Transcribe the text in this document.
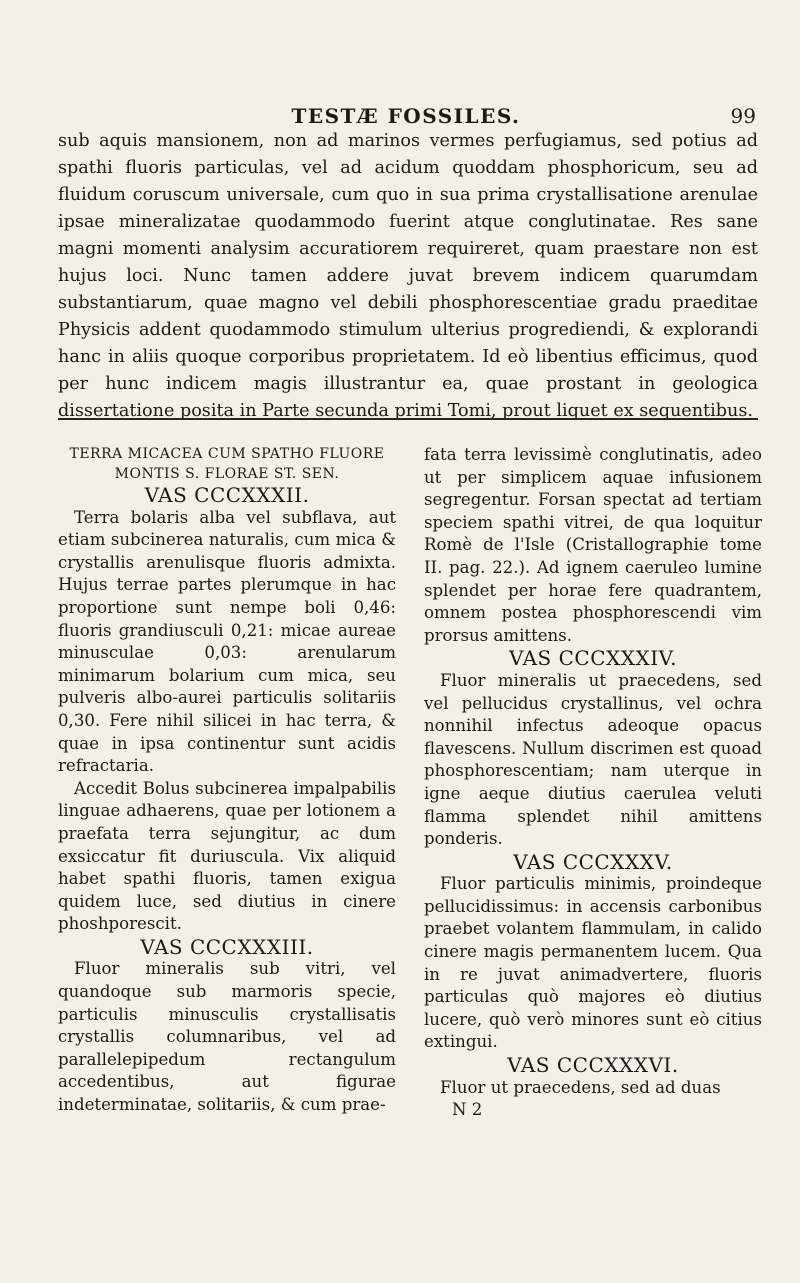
TESTÆ FOSSILES.	99
sub aquis mansionem, non ad marinos vermes perfugiamus, sed potius ad spathi fluoris particulas, vel ad acidum quoddam phosphoricum, seu ad fluidum coruscum universale, cum quo in sua prima crystallisatione arenulae ipsae mineralizatae quodammodo fuerint atque conglutinatae. Res sane magni momenti analysim accuratiorem requireret, quam praestare non est hujus loci. Nunc tamen addere juvat brevem indicem quarumdam substantiarum, quae magno vel debili phosphorescentiae gradu praeditae Physicis addent quodammodo stimulum ulterius progrediendi, & explorandi hanc in aliis quoque corporibus proprietatem. Id eò libentius efficimus, quod per hunc indicem magis illustrantur ea, quae prostant in geologica dissertatione posita in Parte secunda primi Tomi, prout liquet ex sequentibus.

TERRA MICACEA CUM SPATHO FLUORE MONTIS S. FLORAE ST. SEN.

VAS CCCXXXII.

Terra bolaris alba vel subflava, aut etiam subcinerea naturalis, cum mica & crystallis arenulisque fluoris admixta. Hujus terrae partes plerumque in hac proportione sunt nempe boli 0,46: fluoris grandiusculi 0,21: micae aureae minusculae 0,03: arenularum minimarum bolarium cum mica, seu pulveris albo-aurei particulis solitariis 0,30. Fere nihil silicei in hac terra, & quae in ipsa continentur sunt acidis refractaria.

Accedit Bolus subcinerea impalpabilis linguae adhaerens, quae per lotionem a praefata terra sejungitur, ac dum exsiccatur fit duriuscula. Vix aliquid habet spathi fluoris, tamen exigua quidem luce, sed diutius in cinere phoshporescit.

VAS CCCXXXIII.

Fluor mineralis sub vitri, vel quandoque sub marmoris specie, particulis minusculis crystallisatis crystallis columnaribus, vel ad parallelepipedum rectangulum accedentibus, aut figurae indeterminatae, solitariis, & cum prae-

fata terra levissimè conglutinatis, adeo ut per simplicem aquae infusionem segregentur. Forsan spectat ad tertiam speciem spathi vitrei, de qua loquitur Romè de l'Isle (Cristallographie tome II. pag. 22.). Ad ignem caeruleo lumine splendet per horae fere quadrantem, omnem postea phosphorescendi vim prorsus amittens.

VAS CCCXXXIV.

Fluor mineralis ut praecedens, sed vel pellucidus crystallinus, vel ochra nonnihil infectus adeoque opacus flavescens. Nullum discrimen est quoad phosphorescentiam; nam uterque in igne aeque diutius caerulea veluti flamma splendet nihil amittens ponderis.

VAS CCCXXXV.

Fluor particulis minimis, proindeque pellucidissimus: in accensis carbonibus praebet volantem flammulam, in calido cinere magis permanentem lucem. Qua in re juvat animadvertere, fluoris particulas quò majores eò diutius lucere, quò verò minores sunt eò citius extingui.

VAS CCCXXXVI.

Fluor ut praecedens, sed ad duas

N 2
